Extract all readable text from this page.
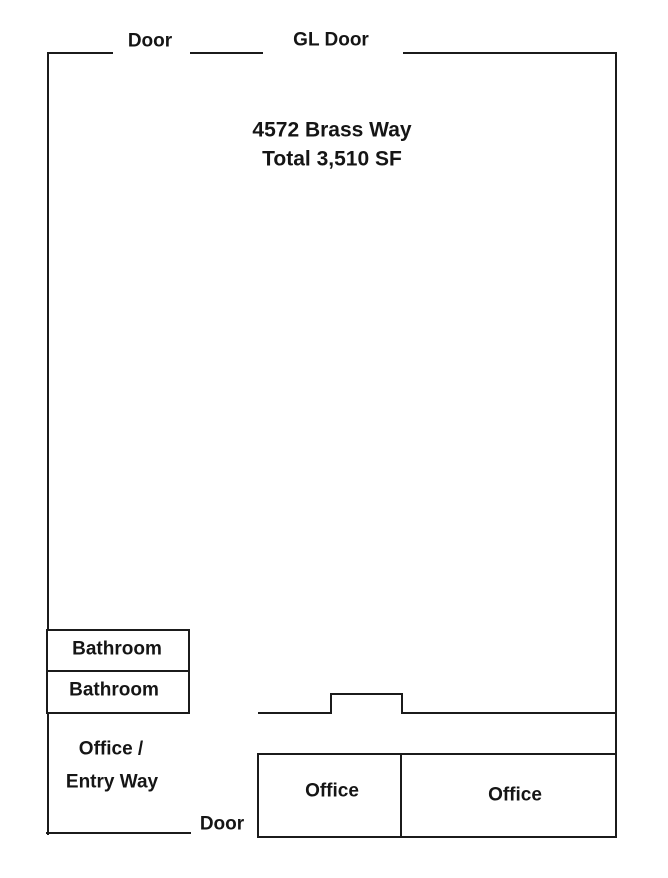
Door	GL Door
4572 Brass Way
Total 3,510 SF
Bathroom
Bathroom
Office /
Entry Way
Door
Office	Office
